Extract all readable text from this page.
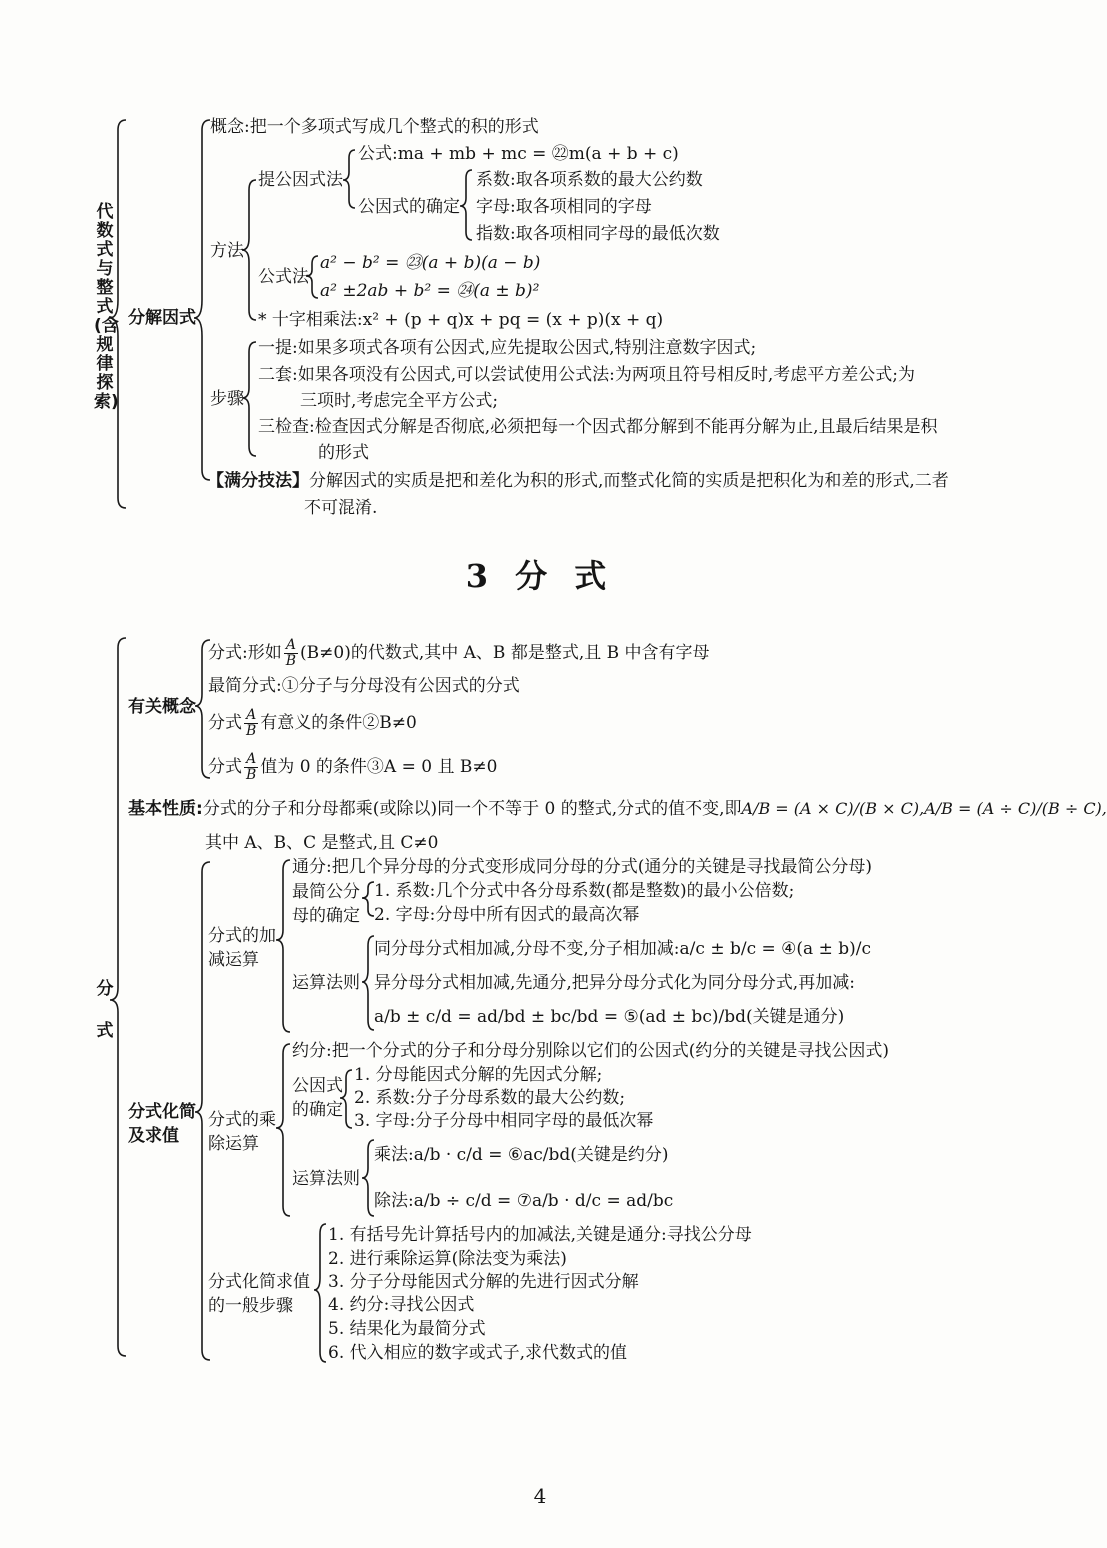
代数式与整式(含规律探索)
分解因式
概念:把一个多项式写成几个整式的积的形式
方法
提公因式法
公式:ma + mb + mc = ㉒m(a + b + c)
公因式的确定
系数:取各项系数的最大公约数
字母:取各项相同的字母
指数:取各项相同字母的最低次数
公式法
a² − b² = ㉓(a + b)(a − b)
a² ±2ab + b² = ㉔(a ± b)²
* 十字相乘法:x² + (p + q)x + pq = (x + p)(x + q)
步骤
一提:如果多项式各项有公因式,应先提取公因式,特别注意数字因式;
二套:如果各项没有公因式,可以尝试使用公式法:为两项且符号相反时,考虑平方差公式;为
三项时,考虑完全平方公式;
三检查:检查因式分解是否彻底,必须把每一个因式都分解到不能再分解为止,且最后结果是积
的形式
【满分技法】分解因式的实质是把和差化为积的形式,而整式化简的实质是把积化为和差的形式,二者
不可混淆.
3 分 式
分式
有关概念
分式:形如 $\frac{A}{B} (B\ne 0)$的代数式,其中 A、B 都是整式,且 B 中含有字母
最简分式:①分子与分母没有公因式的分式
分式 $\frac{A}{B}$ 有意义的条件②B≠0
分式 $\frac{A}{B}$ 值为 0 的条件③A = 0 且 B≠0
基本性质:分式的分子和分母都乘(或除以)同一个不等于 0 的整式,分式的值不变,即A/B = (A × C)/(B × C),A/B = (A ÷ C)/(B ÷ C),
其中 A、B、C 是整式,且 C≠0
分式化简
及求值
分式的加
减运算
通分:把几个异分母的分式变形成同分母的分式(通分的关键是寻找最简公分母)
最简公分
母的确定
1. 系数:几个分式中各分母系数(都是整数)的最小公倍数;
2. 字母:分母中所有因式的最高次幂
运算法则
同分母分式相加减,分母不变,分子相加减:a/c ± b/c = ④(a ± b)/c
异分母分式相加减,先通分,把异分母分式化为同分母分式,再加减:
a/b ± c/d = ad/bd ± bc/bd = ⑤(ad ± bc)/bd(关键是通分)
分式的乘
除运算
约分:把一个分式的分子和分母分别除以它们的公因式(约分的关键是寻找公因式)
公因式
的确定
1. 分母能因式分解的先因式分解;
2. 系数:分子分母系数的最大公约数;
3. 字母:分子分母中相同字母的最低次幂
运算法则
乘法:a/b · c/d = ⑥ac/bd(关键是约分)
除法:a/b ÷ c/d = ⑦a/b · d/c = ad/bc
分式化简求值
的一般步骤
1. 有括号先计算括号内的加减法,关键是通分:寻找公分母
2. 进行乘除运算(除法变为乘法)
3. 分子分母能因式分解的先进行因式分解
4. 约分:寻找公因式
5. 结果化为最简分式
6. 代入相应的数字或式子,求代数式的值
4
